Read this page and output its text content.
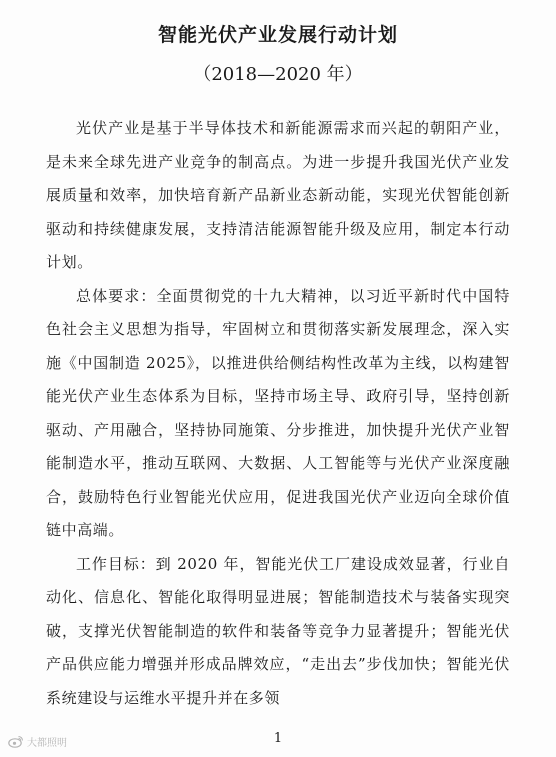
智能光伏产业发展行动计划
（2018—2020 年）

光伏产业是基于半导体技术和新能源需求而兴起的朝阳产业，是未来全球先进产业竞争的制高点。为进一步提升我国光伏产业发展质量和效率，加快培育新产品新业态新动能，实现光伏智能创新驱动和持续健康发展，支持清洁能源智能升级及应用，制定本行动计划。

总体要求：全面贯彻党的十九大精神，以习近平新时代中国特色社会主义思想为指导，牢固树立和贯彻落实新发展理念，深入实施《中国制造 2025》，以推进供给侧结构性改革为主线，以构建智能光伏产业生态体系为目标，坚持市场主导、政府引导，坚持创新驱动、产用融合，坚持协同施策、分步推进，加快提升光伏产业智能制造水平，推动互联网、大数据、人工智能等与光伏产业深度融合，鼓励特色行业智能光伏应用，促进我国光伏产业迈向全球价值链中高端。

工作目标：到 2020 年，智能光伏工厂建设成效显著，行业自动化、信息化、智能化取得明显进展；智能制造技术与装备实现突破，支撑光伏智能制造的软件和装备等竞争力显著提升；智能光伏产品供应能力增强并形成品牌效应，“走出去”步伐加快；智能光伏系统建设与运维水平提升并在多领

1
大都照明
